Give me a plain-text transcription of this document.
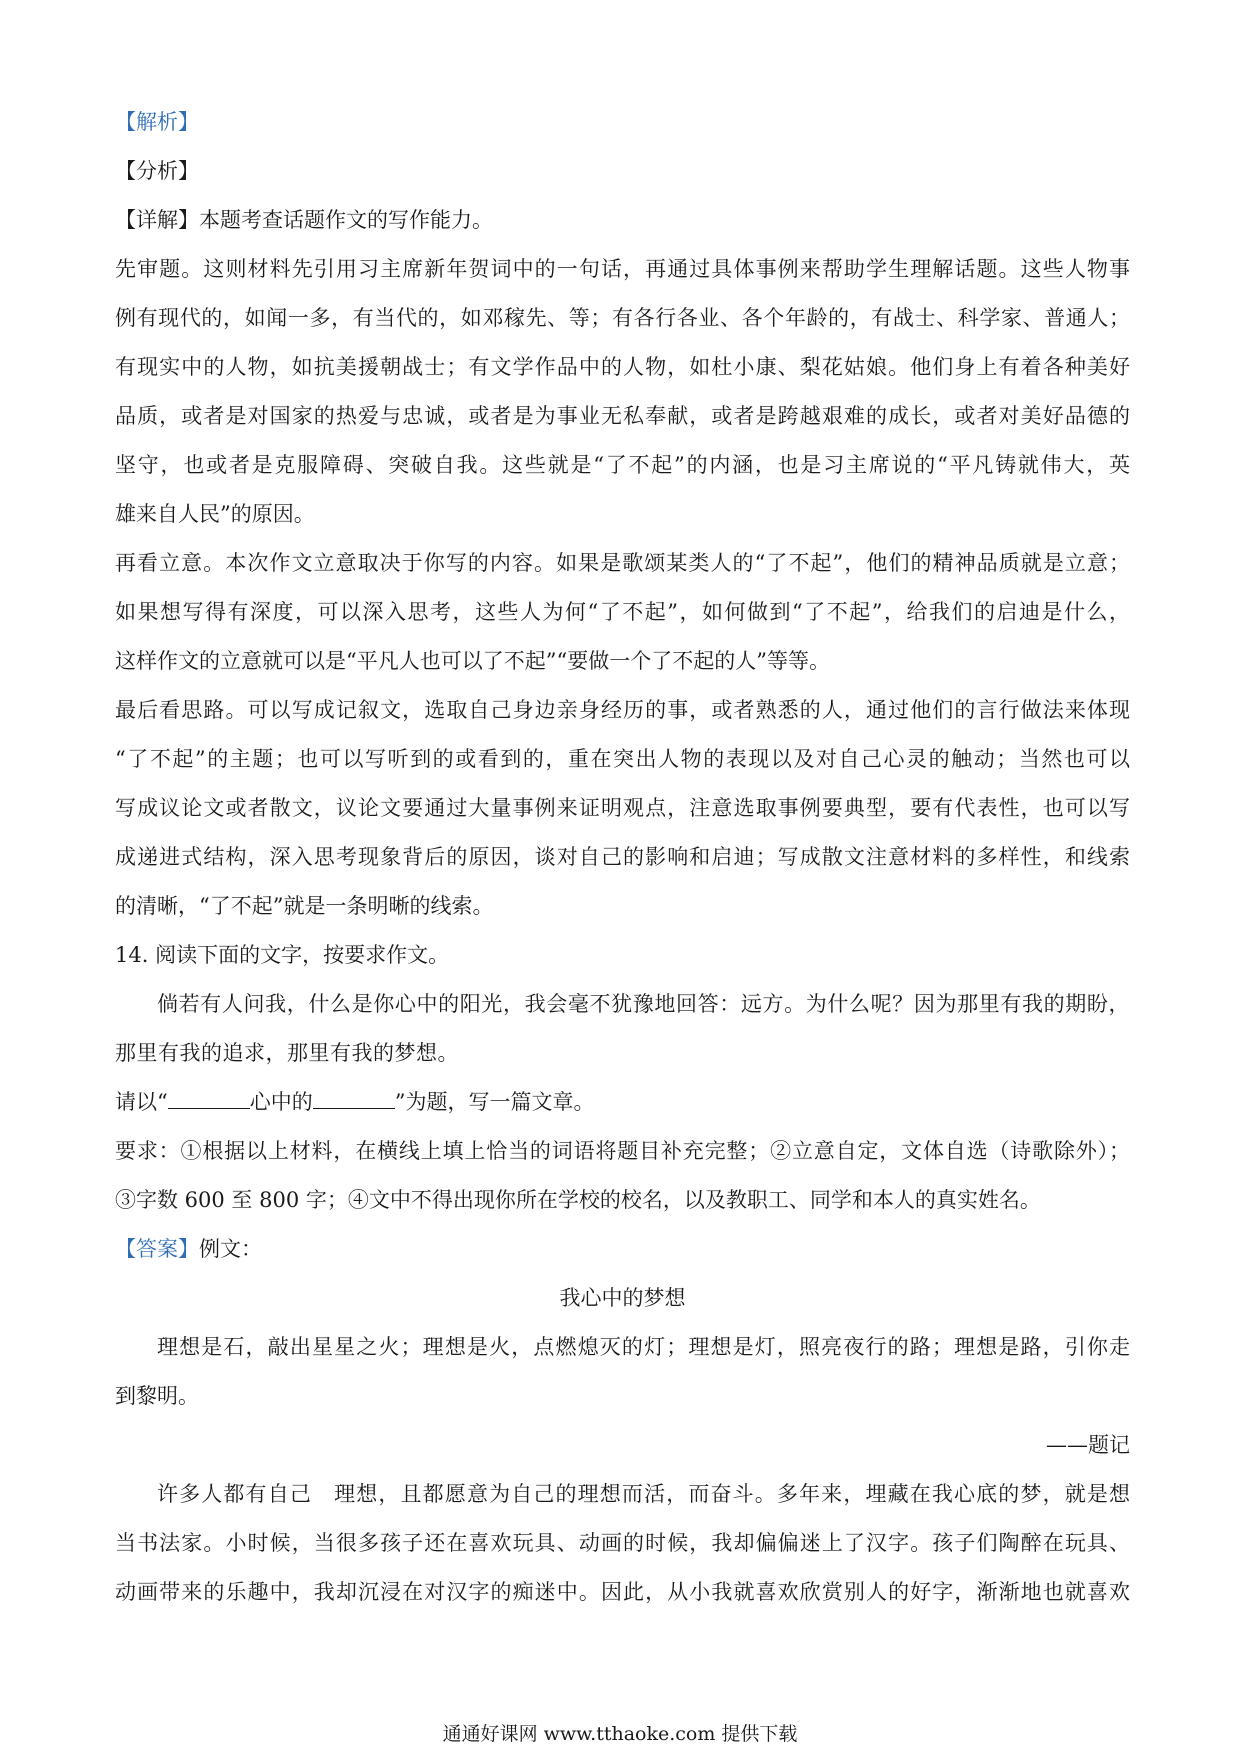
【解析】
【分析】
【详解】本题考查话题作文的写作能力。
先审题。这则材料先引用习主席新年贺词中的一句话，再通过具体事例来帮助学生理解话题。这些人物事
例有现代的，如闻一多，有当代的，如邓稼先、等；有各行各业、各个年龄的，有战士、科学家、普通人；
有现实中的人物，如抗美援朝战士；有文学作品中的人物，如杜小康、梨花姑娘。他们身上有着各种美好
品质，或者是对国家的热爱与忠诚，或者是为事业无私奉献，或者是跨越艰难的成长，或者对美好品德的
坚守，也或者是克服障碍、突破自我。这些就是“了不起”的内涵，也是习主席说的“平凡铸就伟大，英
雄来自人民”的原因。
再看立意。本次作文立意取决于你写的内容。如果是歌颂某类人的“了不起”，他们的精神品质就是立意；
如果想写得有深度，可以深入思考，这些人为何“了不起”，如何做到“了不起”，给我们的启迪是什么，
这样作文的立意就可以是“平凡人也可以了不起”“要做一个了不起的人”等等。
最后看思路。可以写成记叙文，选取自己身边亲身经历的事，或者熟悉的人，通过他们的言行做法来体现
“了不起”的主题；也可以写听到的或看到的，重在突出人物的表现以及对自己心灵的触动；当然也可以
写成议论文或者散文，议论文要通过大量事例来证明观点，注意选取事例要典型，要有代表性，也可以写
成递进式结构，深入思考现象背后的原因，谈对自己的影响和启迪；写成散文注意材料的多样性，和线索
的清晰，“了不起”就是一条明晰的线索。
14. 阅读下面的文字，按要求作文。
倘若有人问我，什么是你心中的阳光，我会毫不犹豫地回答：远方。为什么呢？因为那里有我的期盼，
那里有我的追求，那里有我的梦想。
请以“	心中的	”为题，写一篇文章。
要求：①根据以上材料，在横线上填上恰当的词语将题目补充完整；②立意自定，文体自选（诗歌除外）；
③字数 600 至 800 字；④文中不得出现你所在学校的校名，以及教职工、同学和本人的真实姓名。
【答案】例文：
我心中的梦想
理想是石，敲出星星之火；理想是火，点燃熄灭的灯；理想是灯，照亮夜行的路；理想是路，引你走
到黎明。
——题记
许多人都有自己　理想，且都愿意为自己的理想而活，而奋斗。多年来，埋藏在我心底的梦，就是想
当书法家。小时候，当很多孩子还在喜欢玩具、动画的时候，我却偏偏迷上了汉字。孩子们陶醉在玩具、
动画带来的乐趣中，我却沉浸在对汉字的痴迷中。因此，从小我就喜欢欣赏别人的好字，渐渐地也就喜欢
通通好课网 www.tthaoke.com 提供下载
